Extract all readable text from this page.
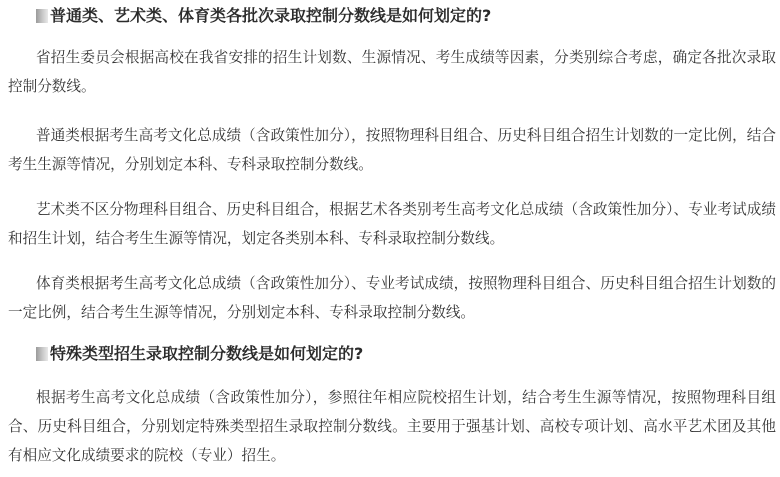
普通类、艺术类、体育类各批次录取控制分数线是如何划定的?

省招生委员会根据高校在我省安排的招生计划数、生源情况、考生成绩等因素，分类别综合考虑，确定各批次录取控制分数线。

普通类根据考生高考文化总成绩（含政策性加分），按照物理科目组合、历史科目组合招生计划数的一定比例，结合考生生源等情况，分别划定本科、专科录取控制分数线。

艺术类不区分物理科目组合、历史科目组合，根据艺术各类别考生高考文化总成绩（含政策性加分）、专业考试成绩和招生计划，结合考生生源等情况，划定各类别本科、专科录取控制分数线。

体育类根据考生高考文化总成绩（含政策性加分）、专业考试成绩，按照物理科目组合、历史科目组合招生计划数的一定比例，结合考生生源等情况，分别划定本科、专科录取控制分数线。

特殊类型招生录取控制分数线是如何划定的?

根据考生高考文化总成绩（含政策性加分），参照往年相应院校招生计划，结合考生生源等情况，按照物理科目组合、历史科目组合，分别划定特殊类型招生录取控制分数线。主要用于强基计划、高校专项计划、高水平艺术团及其他有相应文化成绩要求的院校（专业）招生。
